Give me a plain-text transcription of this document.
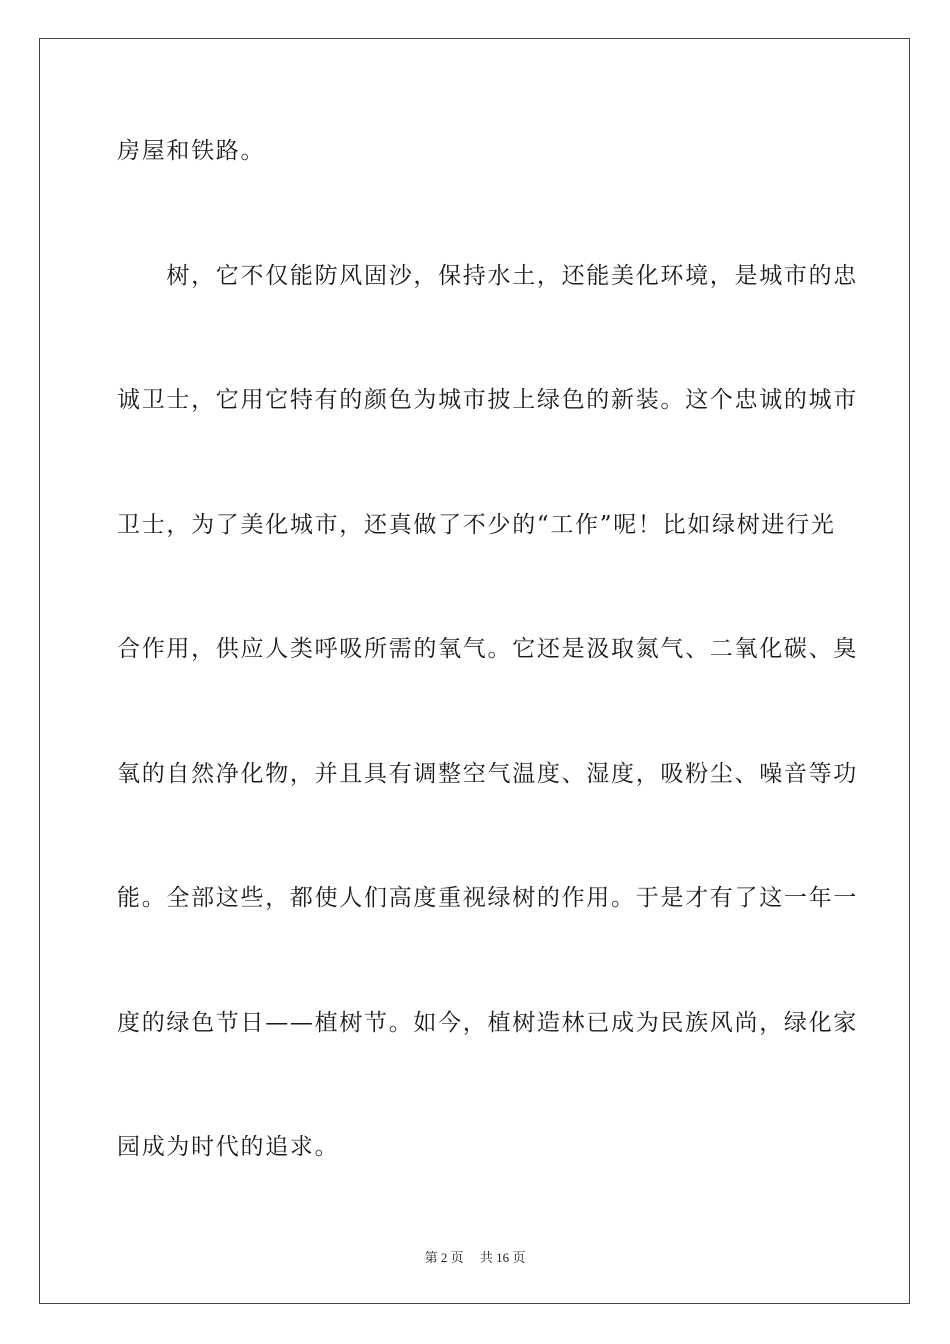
房屋和铁路。
　　树，它不仅能防风固沙，保持水土，还能美化环境，是城市的忠
诚卫士，它用它特有的颜色为城市披上绿色的新装。这个忠诚的城市
卫士，为了美化城市，还真做了不少的“工作”呢！比如绿树进行光
合作用，供应人类呼吸所需的氧气。它还是汲取氮气、二氧化碳、臭
氧的自然净化物，并且具有调整空气温度、湿度，吸粉尘、噪音等功
能。全部这些，都使人们高度重视绿树的作用。于是才有了这一年一
度的绿色节日——植树节。如今，植树造林已成为民族风尚，绿化家
园成为时代的追求。
第 2 页　 共 16 页
